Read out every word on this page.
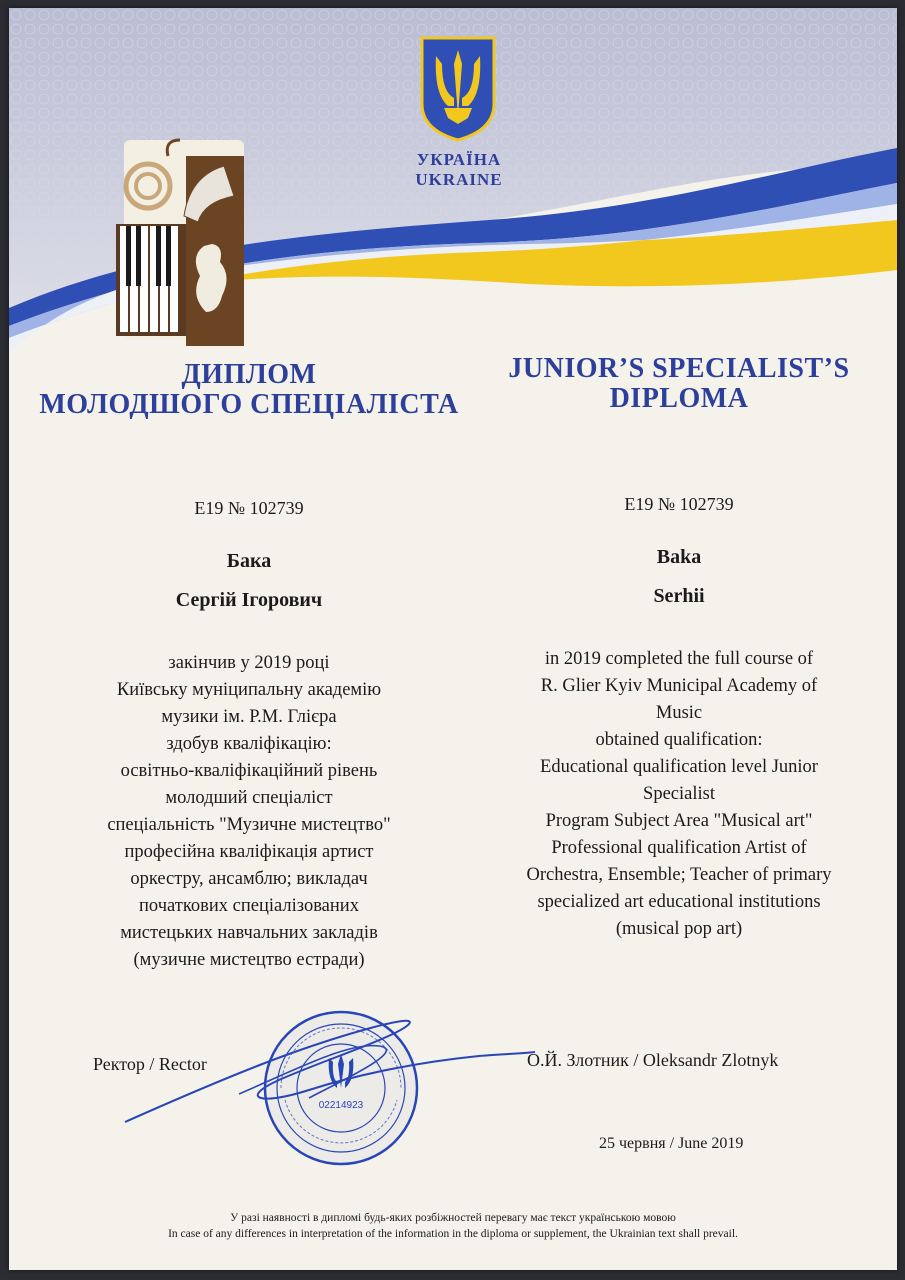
УКРАЇНА
UKRAINE
ДИПЛОМ
МОЛОДШОГО СПЕЦІАЛІСТА
JUNIOR’S SPECIALIST’S
DIPLOMA
E19 № 102739	E19 № 102739
Бака
Сергій Ігорович
Baka
Serhii
закінчив у 2019 році
Київську муніципальну академію
музики ім. Р.М. Глієра
здобув кваліфікацію:
освітньо-кваліфікаційний рівень
молодший спеціаліст
спеціальність "Музичне мистецтво"
професійна кваліфікація артист
оркестру, ансамблю; викладач
початкових спеціалізованих
мистецьких навчальних закладів
(музичне мистецтво естради)
in 2019 completed the full course of
R. Glier Kyiv Municipal Academy of
Music
obtained qualification:
Educational qualification level Junior
Specialist
Program Subject Area "Musical art"
Professional qualification Artist of
Orchestra, Ensemble; Teacher of primary
specialized art educational institutions
(musical pop art)
02214923
Ректор / Rector	О.Й. Злотник / Oleksandr Zlotnyk
25 червня / June 2019
У разі наявності в дипломі будь-яких розбіжностей перевагу має текст українською мовою
In case of any differences in interpretation of the information in the diploma or supplement, the Ukrainian text shall prevail.
